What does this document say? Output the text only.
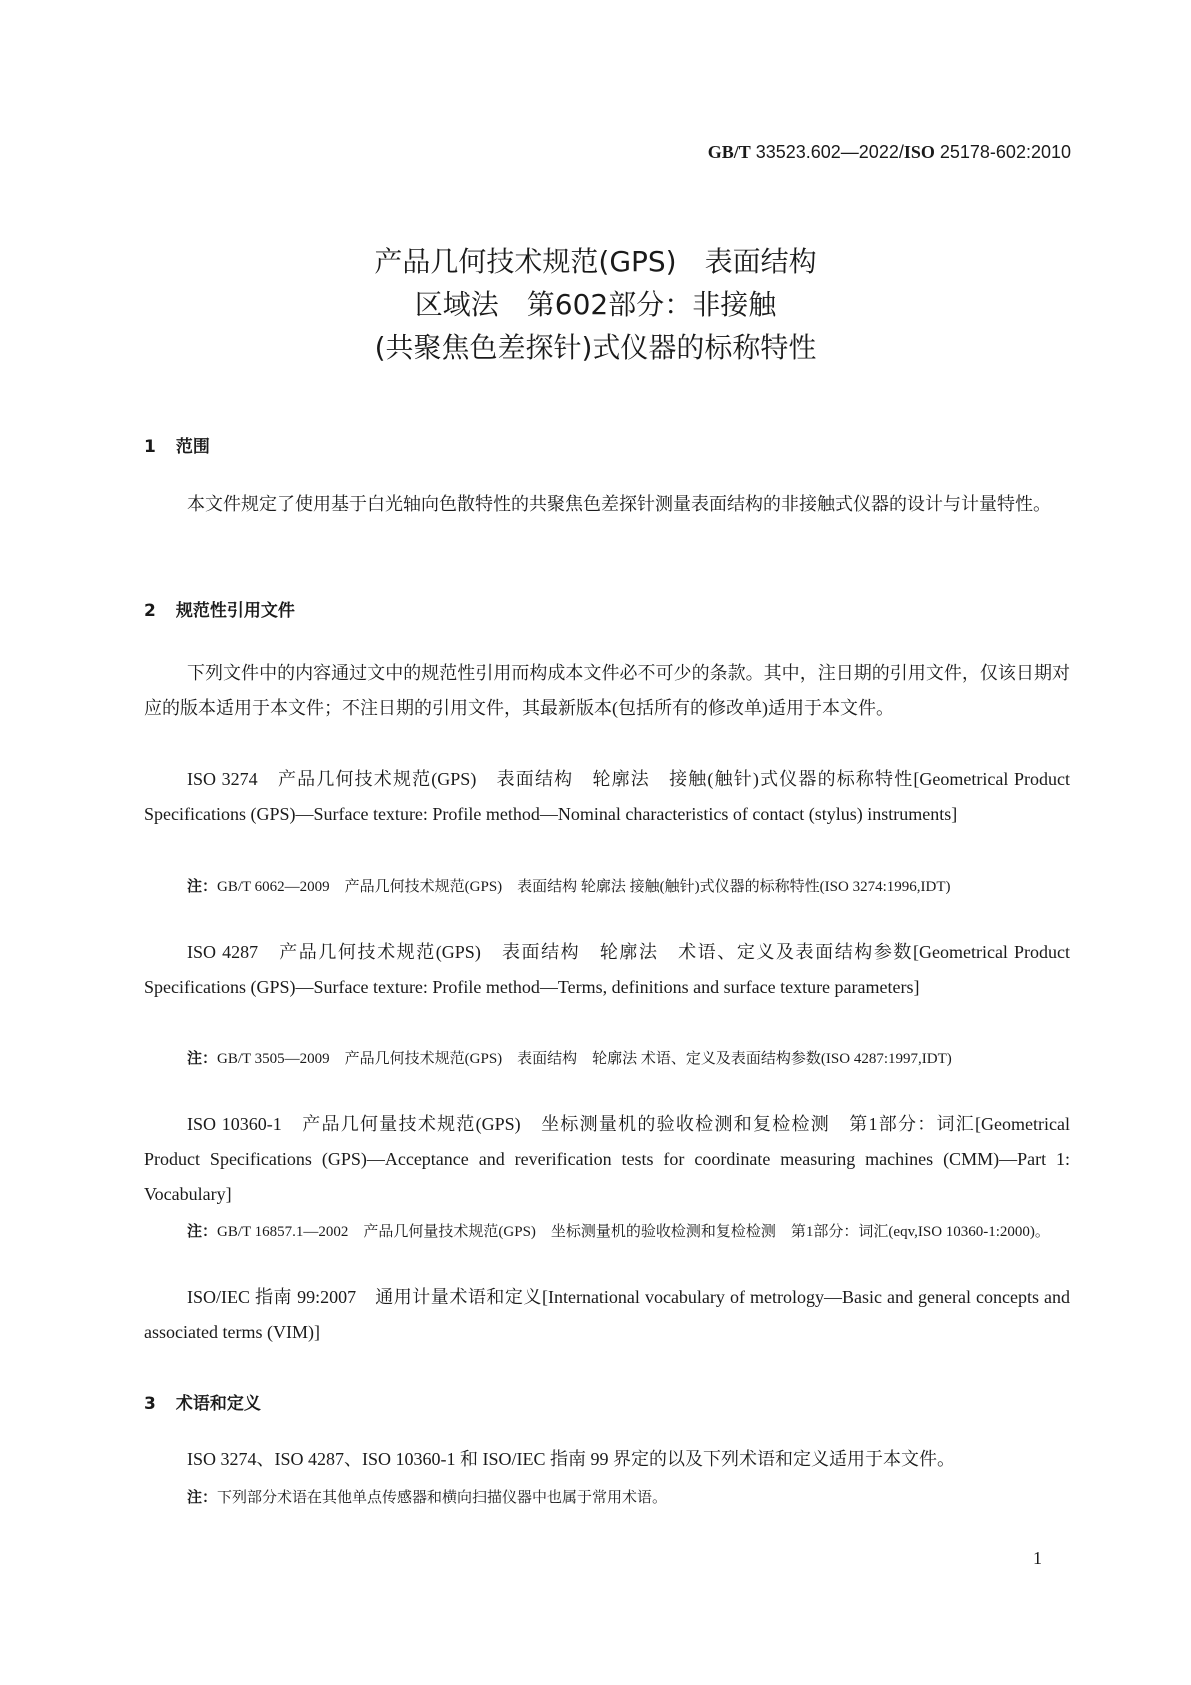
GB/T 33523.602—2022/ISO 25178-602:2010
产品几何技术规范(GPS)　表面结构
区域法　第602部分：非接触
(共聚焦色差探针)式仪器的标称特性
1 范围
本文件规定了使用基于白光轴向色散特性的共聚焦色差探针测量表面结构的非接触式仪器的设计与计量特性。
2 规范性引用文件
下列文件中的内容通过文中的规范性引用而构成本文件必不可少的条款。其中，注日期的引用文件，仅该日期对应的版本适用于本文件；不注日期的引用文件，其最新版本(包括所有的修改单)适用于本文件。
ISO 3274　产品几何技术规范(GPS)　表面结构　轮廓法　接触(触针)式仪器的标称特性[Geometrical Product Specifications (GPS)—Surface texture: Profile method—Nominal characteristics of contact (stylus) instruments]
注：GB/T 6062—2009　产品几何技术规范(GPS)　表面结构 轮廓法 接触(触针)式仪器的标称特性(ISO 3274:1996,IDT)
ISO 4287　产品几何技术规范(GPS)　表面结构　轮廓法　术语、定义及表面结构参数[Geometrical Product Specifications (GPS)—Surface texture: Profile method—Terms, definitions and surface texture parameters]
注：GB/T 3505—2009　产品几何技术规范(GPS)　表面结构　轮廓法 术语、定义及表面结构参数(ISO 4287:1997,IDT)
ISO 10360-1　产品几何量技术规范(GPS)　坐标测量机的验收检测和复检检测　第1部分：词汇[Geometrical Product Specifications (GPS)—Acceptance and reverification tests for coordinate measuring machines (CMM)—Part 1: Vocabulary]
注：GB/T 16857.1—2002　产品几何量技术规范(GPS)　坐标测量机的验收检测和复检检测　第1部分：词汇(eqv,ISO 10360-1:2000)。
ISO/IEC 指南 99:2007　通用计量术语和定义[International vocabulary of metrology—Basic and general concepts and associated terms (VIM)]
3 术语和定义
ISO 3274、ISO 4287、ISO 10360-1 和 ISO/IEC 指南 99 界定的以及下列术语和定义适用于本文件。
注：下列部分术语在其他单点传感器和横向扫描仪器中也属于常用术语。
1
